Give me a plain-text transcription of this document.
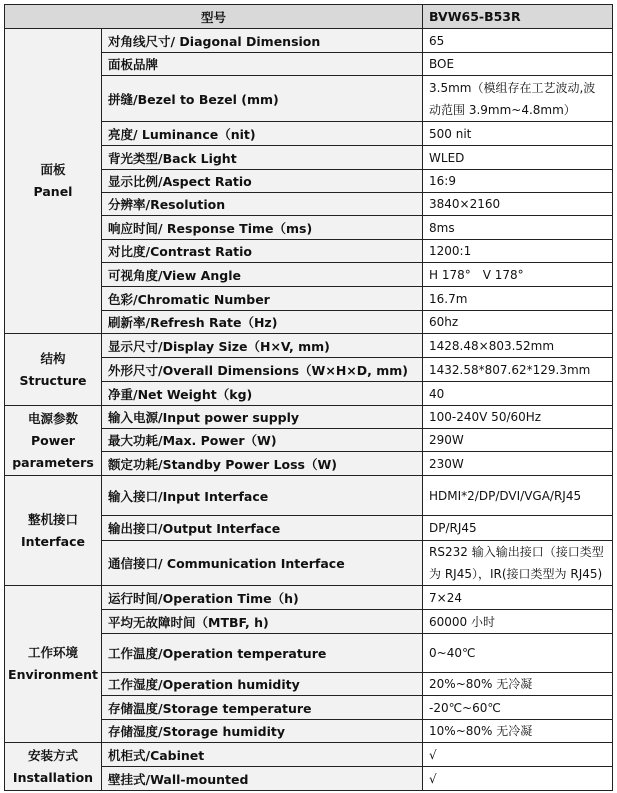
型号		BVW65-B53R

面板
Panel	对角线尺寸/ Diagonal Dimension	65
	面板品牌	BOE
	拼缝/Bezel to Bezel (mm)	3.5mm（模组存在工艺波动,波动范围 3.9mm~4.8mm）
	亮度/ Luminance（nit)	500 nit
	背光类型/Back Light	WLED
	显示比例/Aspect Ratio	16:9
	分辨率/Resolution	3840×2160
	响应时间/ Response Time（ms)	8ms
	对比度/Contrast Ratio	1200:1
	可视角度/View Angle	H 178°　V 178°
	色彩/Chromatic Number	16.7m
	刷新率/Refresh Rate（Hz)	60hz

结构
Structure	显示尺寸/Display Size（H×V, mm)	1428.48×803.52mm
	外形尺寸/Overall Dimensions（W×H×D, mm)	1432.58*807.62*129.3mm
	净重/Net Weight（kg)	40

电源参数
Power parameters	输入电源/Input power supply	100-240V 50/60Hz
	最大功耗/Max. Power（W)	290W
	额定功耗/Standby Power Loss（W)	230W

整机接口
Interface	输入接口/Input Interface	HDMI*2/DP/DVI/VGA/RJ45
	输出接口/Output Interface	DP/RJ45
	通信接口/ Communication Interface	RS232 输入输出接口（接口类型为 RJ45），IR(接口类型为 RJ45)

工作环境
Environment	运行时间/Operation Time（h)	7×24
	平均无故障时间（MTBF, h)	60000 小时
	工作温度/Operation temperature	0~40℃
	工作湿度/Operation humidity	20%~80% 无冷凝
	存储温度/Storage temperature	-20℃~60℃
	存储湿度/Storage humidity	10%~80% 无冷凝

安装方式
Installation	机柜式/Cabinet	√
	壁挂式/Wall-mounted	√
